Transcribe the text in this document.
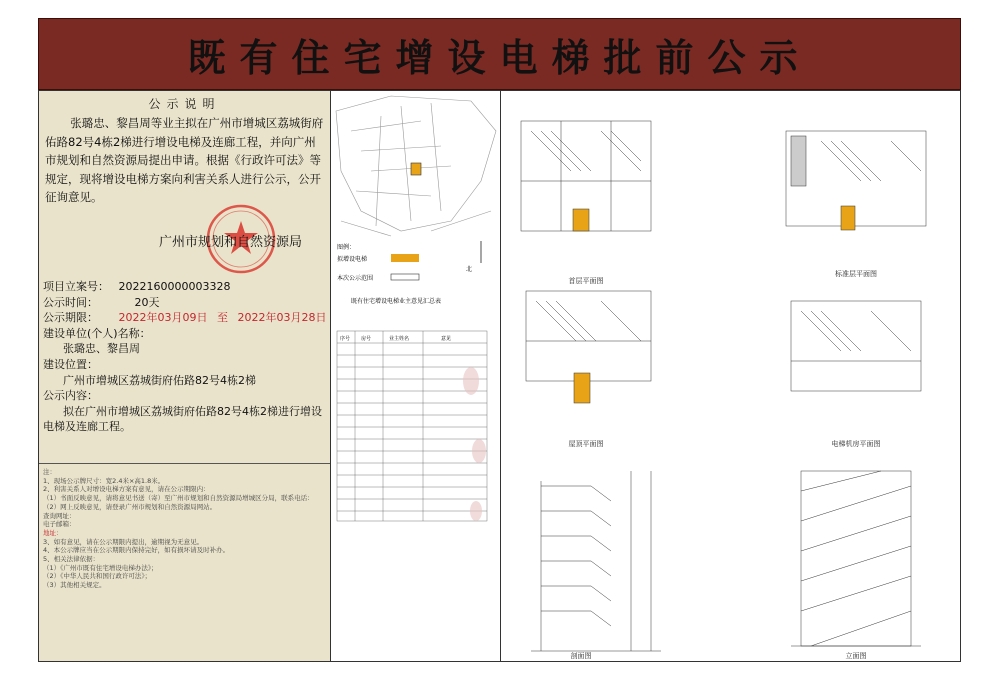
既有住宅增设电梯批前公示
公示说明
张璐忠、黎昌周等业主拟在广州市增城区荔城街府佑路82号4栋2梯进行增设电梯及连廊工程，并向广州市规划和自然资源局提出申请。根据《行政许可法》等规定，现将增设电梯方案向利害关系人进行公示，公开征询意见。
广州市规划和自然资源局
项目立案号： 2022160000003328
公示时间：	20天
公示期限： 2022年03月09日 至 2022年03月28日
建设单位(个人)名称：
张璐忠、黎昌周
建设位置：
广州市增城区荔城街府佑路82号4栋2梯
公示内容：
拟在广州市增城区荔城街府佑路82号4栋2梯进行增设电梯及连廊工程。
注：
1、现场公示牌尺寸：宽2.4米×高1.8米。
2、利害关系人对增设电梯方案有意见，请在公示期限内：
（1）书面反映意见，请将意见书送（寄）至广州市规划和自然资源局增城区分局，联系电话：
（2）网上反映意见，请登录广州市规划和自然资源局网站。
查询网址：
电子邮箱：
地址：
3、如有意见，请在公示期限内提出，逾期视为无意见。
4、本公示牌应当在公示期限内保持完好，如有损坏请及时补办。
5、相关法律依据：
（1）《广州市既有住宅增设电梯办法》；
（2）《中华人民共和国行政许可法》；
（3）其他相关规定。
北
图例：
拟增设电梯
本次公示范围
既有住宅增设电梯业主意见汇总表
序号 房号	业主姓名	意见
首层平面图
标准层平面图
屋顶平面图	电梯机房平面图
剖面图	立面图
